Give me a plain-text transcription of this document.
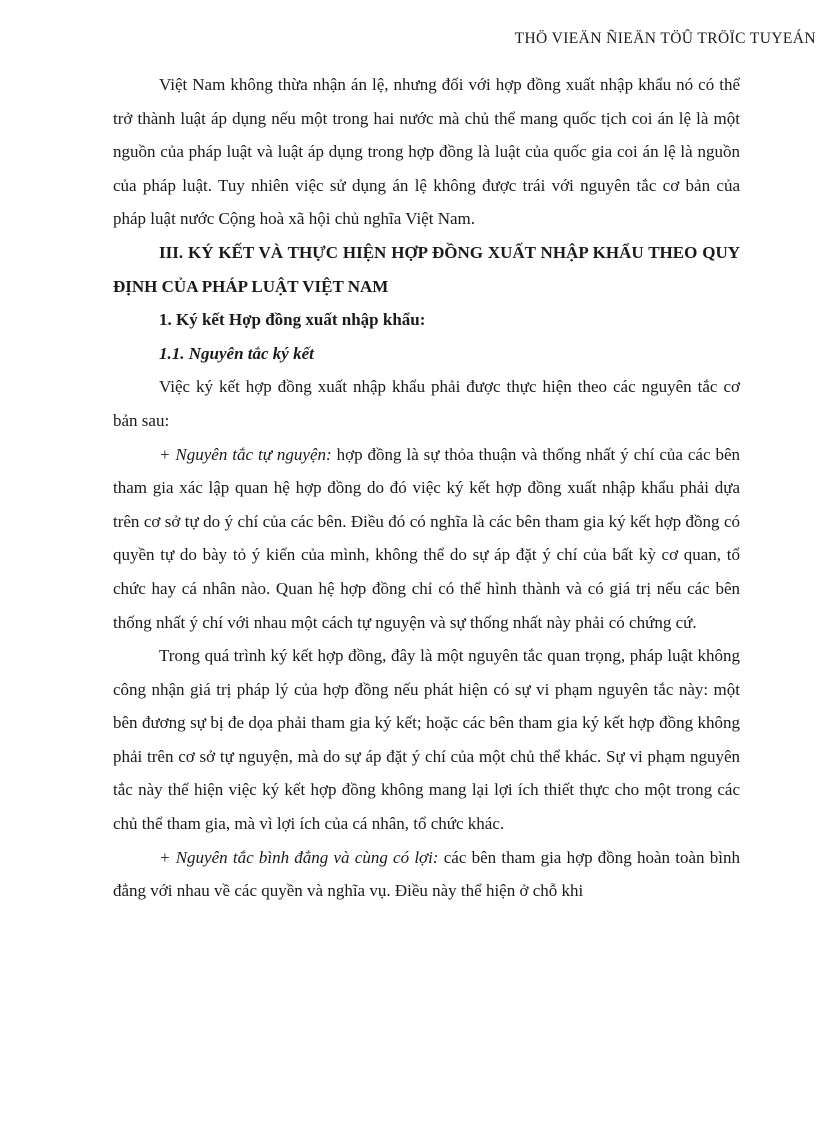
THÖ VIEÄN ÑIEÄN TÖÛ TRÖÏC TUYEÁN

Việt Nam không thừa nhận án lệ, nhưng đối với hợp đồng xuất nhập khẩu nó có thể trở thành luật áp dụng nếu một trong hai nước mà chủ thể mang quốc tịch coi án lệ là một nguồn của pháp luật và luật áp dụng trong hợp đồng là luật của quốc gia coi án lệ là nguồn của pháp luật. Tuy nhiên việc sử dụng án lệ không được trái với nguyên tắc cơ bản của pháp luật nước Cộng hoà xã hội chủ nghĩa Việt Nam.

III. KÝ KẾT VÀ THỰC HIỆN HỢP ĐỒNG XUẤT NHẬP KHẨU THEO QUY ĐỊNH CỦA PHÁP LUẬT VIỆT NAM

1. Ký kết Hợp đồng xuất nhập khẩu:

1.1. Nguyên tắc ký kết

Việc ký kết hợp đồng xuất nhập khẩu phải được thực hiện theo các nguyên tắc cơ bản sau:

+ Nguyên tắc tự nguyện: hợp đồng là sự thỏa thuận và thống nhất ý chí của các bên tham gia xác lập quan hệ hợp đồng do đó việc ký kết hợp đồng xuất nhập khẩu phải dựa trên cơ sở tự do ý chí của các bên. Điều đó có nghĩa là các bên tham gia ký kết hợp đồng có quyền tự do bày tỏ ý kiến của mình, không thể do sự áp đặt ý chí của bất kỳ cơ quan, tổ chức hay cá nhân nào. Quan hệ hợp đồng chỉ có thể hình thành và có giá trị nếu các bên thống nhất ý chí với nhau một cách tự nguyện và sự thống nhất này phải có chứng cứ.

Trong quá trình ký kết hợp đồng, đây là một nguyên tắc quan trọng, pháp luật không công nhận giá trị pháp lý của hợp đồng nếu phát hiện có sự vi phạm nguyên tắc này: một bên đương sự bị đe dọa phải tham gia ký kết; hoặc các bên tham gia ký kết hợp đồng không phải trên cơ sở tự nguyện, mà do sự áp đặt ý chí của một chủ thể khác. Sự vi phạm nguyên tắc này thể hiện việc ký kết hợp đồng không mang lại lợi ích thiết thực cho một trong các chủ thể tham gia, mà vì lợi ích của cá nhân, tổ chức khác.

+ Nguyên tắc bình đẳng và cùng có lợi: các bên tham gia hợp đồng hoàn toàn bình đẳng với nhau về các quyền và nghĩa vụ. Điều này thể hiện ở chỗ khi
